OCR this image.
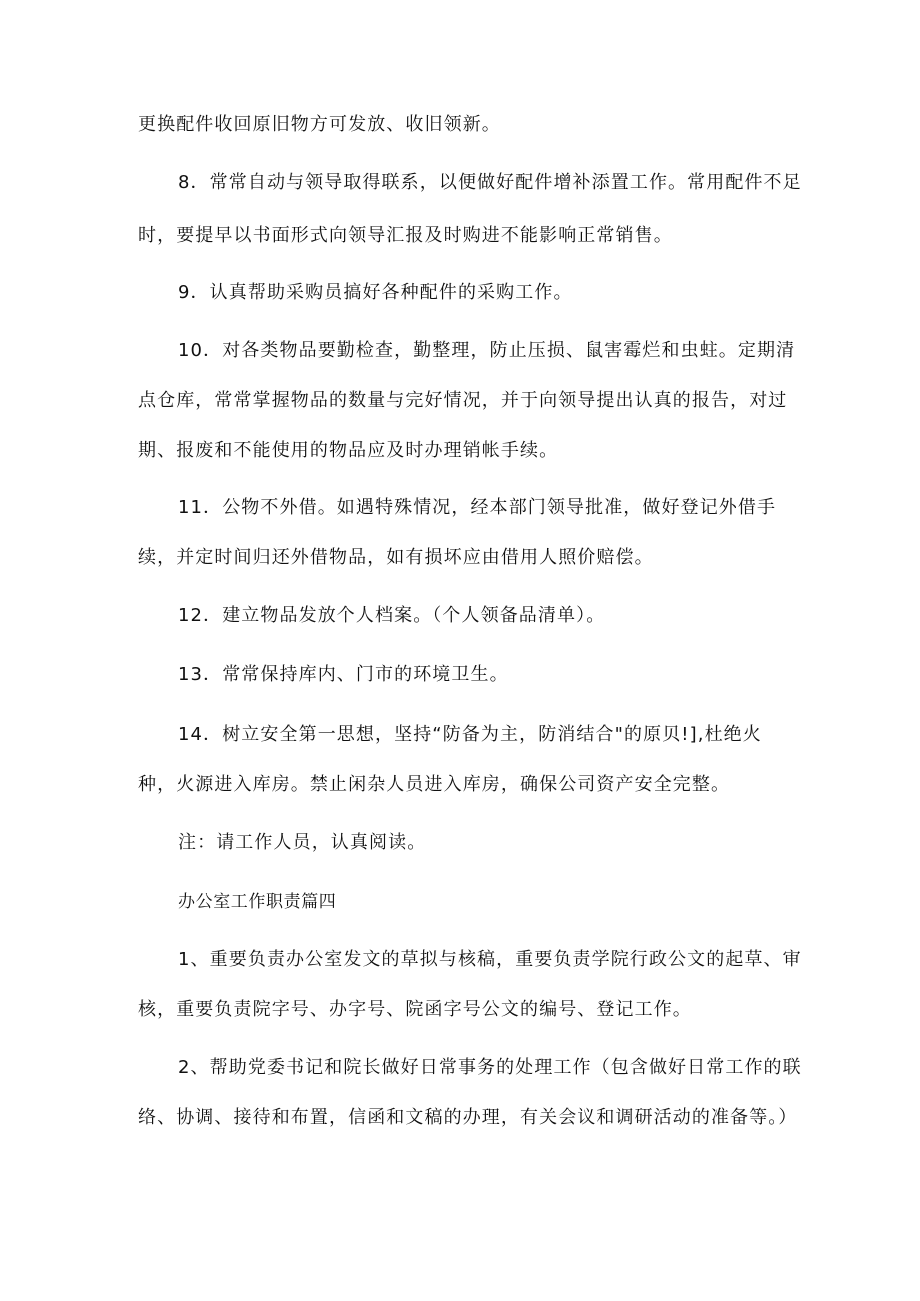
更换配件收回原旧物方可发放、收旧领新。
8．常常自动与领导取得联系，以便做好配件增补添置工作。常用配件不足
时，要提早以书面形式向领导汇报及时购进不能影响正常销售。
9．认真帮助采购员搞好各种配件的采购工作。
10．对各类物品要勤检查，勤整理，防止压损、鼠害霉烂和虫蛀。定期清
点仓库，常常掌握物品的数量与完好情况，并于向领导提出认真的报告，对过
期、报废和不能使用的物品应及时办理销帐手续。
11．公物不外借。如遇特殊情况，经本部门领导批准，做好登记外借手
续，并定时间归还外借物品，如有损坏应由借用人照价赔偿。
12．建立物品发放个人档案。（个人领备品清单）。
13．常常保持库内、门市的环境卫生。
14．树立安全第一思想，坚持“防备为主，防消结合"的原贝!],杜绝火
种，火源进入库房。禁止闲杂人员进入库房，确保公司资产安全完整。
注：请工作人员，认真阅读。
办公室工作职责篇四
1、重要负责办公室发文的草拟与核稿，重要负责学院行政公文的起草、审
核，重要负责院字号、办字号、院函字号公文的编号、登记工作。
2、帮助党委书记和院长做好日常事务的处理工作（包含做好日常工作的联
络、协调、接待和布置，信函和文稿的办理，有关会议和调研活动的准备等。）
